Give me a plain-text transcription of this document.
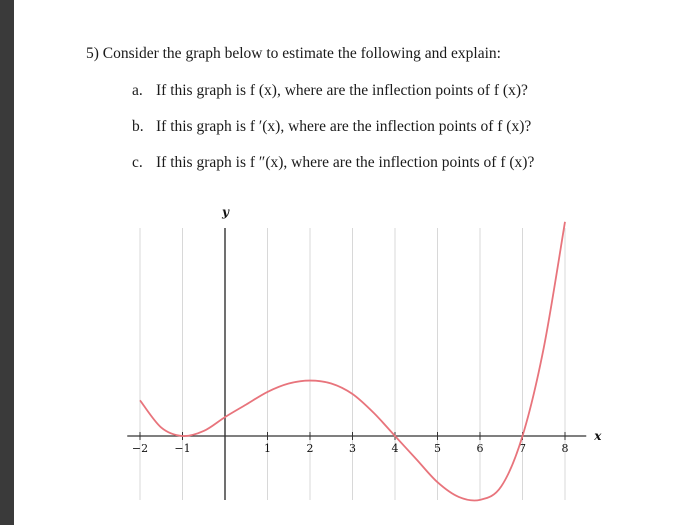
5) Consider the graph below to estimate the following and explain:
a. If this graph is f (x), where are the inflection points of f (x)?
b. If this graph is f ′(x), where are the inflection points of f (x)?
c. If this graph is f ″(x), where are the inflection points of f (x)?
−2 −1	1	2	3	4	5	6	7	8
x
y
